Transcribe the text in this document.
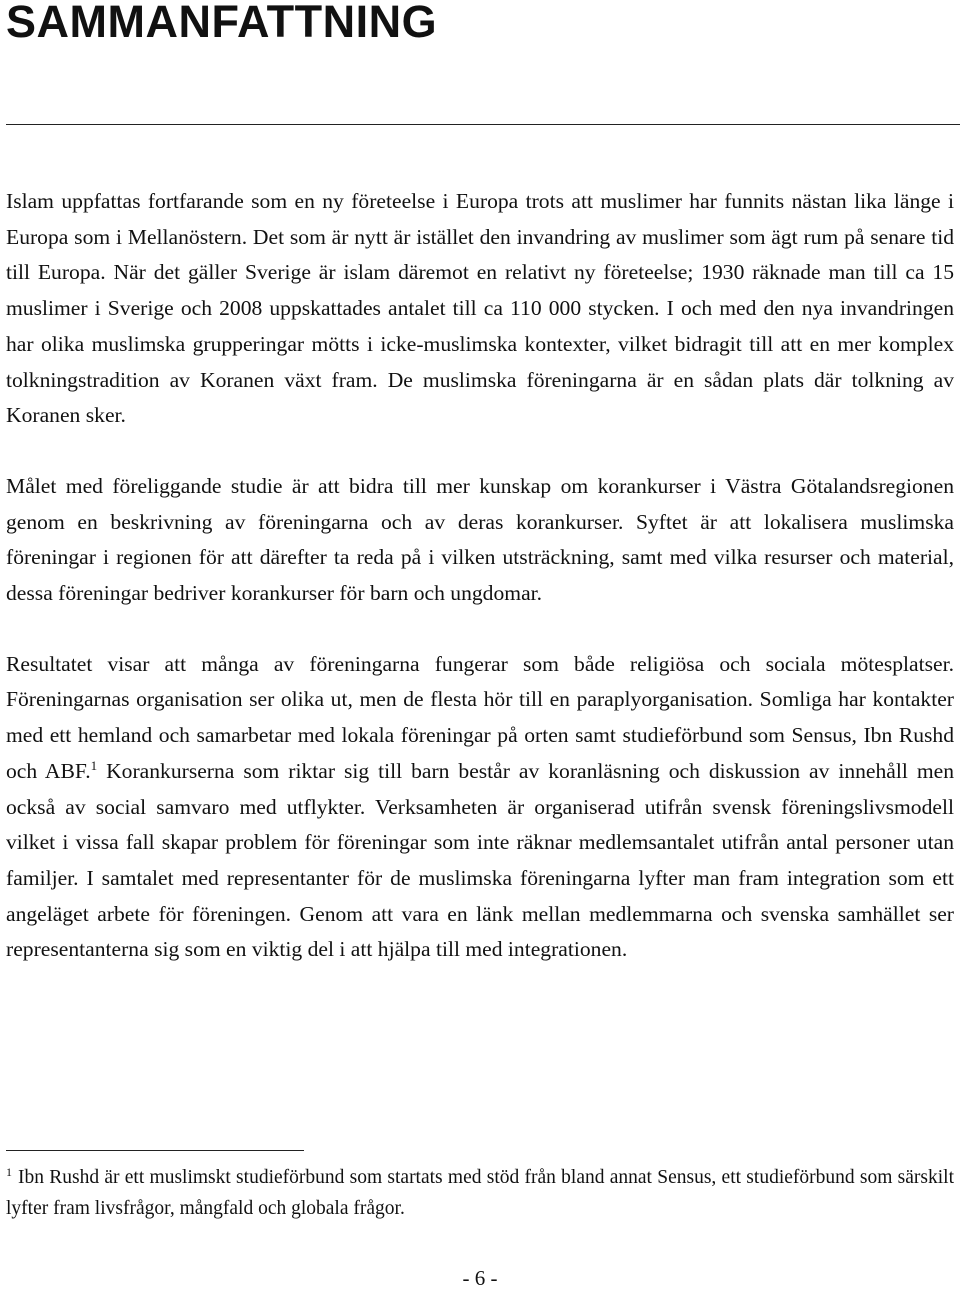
SAMMANFATTNING

Islam uppfattas fortfarande som en ny företeelse i Europa trots att muslimer har funnits nästan lika länge i Europa som i Mellanöstern. Det som är nytt är istället den invandring av muslimer som ägt rum på senare tid till Europa. När det gäller Sverige är islam däremot en relativt ny företeelse; 1930 räknade man till ca 15 muslimer i Sverige och 2008 uppskattades antalet till ca 110 000 stycken. I och med den nya invandringen har olika muslimska grupperingar mötts i icke-muslimska kontexter, vilket bidragit till att en mer komplex tolkningstradition av Koranen växt fram. De muslimska föreningarna är en sådan plats där tolkning av Koranen sker.

Målet med föreliggande studie är att bidra till mer kunskap om korankurser i Västra Götalandsregionen genom en beskrivning av föreningarna och av deras korankurser. Syftet är att lokalisera muslimska föreningar i regionen för att därefter ta reda på i vilken utsträckning, samt med vilka resurser och material, dessa föreningar bedriver korankurser för barn och ungdomar.

Resultatet visar att många av föreningarna fungerar som både religiösa och sociala mötesplatser. Föreningarnas organisation ser olika ut, men de flesta hör till en paraplyorganisation. Somliga har kontakter med ett hemland och samarbetar med lokala föreningar på orten samt studieförbund som Sensus, Ibn Rushd och ABF.$^1$ Korankurserna som riktar sig till barn består av koranläsning och diskussion av innehåll men också av social samvaro med utflykter. Verksamheten är organiserad utifrån svensk föreningslivsmodell vilket i vissa fall skapar problem för föreningar som inte räknar medlemsantalet utifrån antal personer utan familjer. I samtalet med representanter för de muslimska föreningarna lyfter man fram integration som ett angeläget arbete för föreningen. Genom att vara en länk mellan medlemmarna och svenska samhället ser representanterna sig som en viktig del i att hjälpa till med integrationen.

$^1$ Ibn Rushd är ett muslimskt studieförbund som startats med stöd från bland annat Sensus, ett studieförbund som särskilt lyfter fram livsfrågor, mångfald och globala frågor.

- 6 -
